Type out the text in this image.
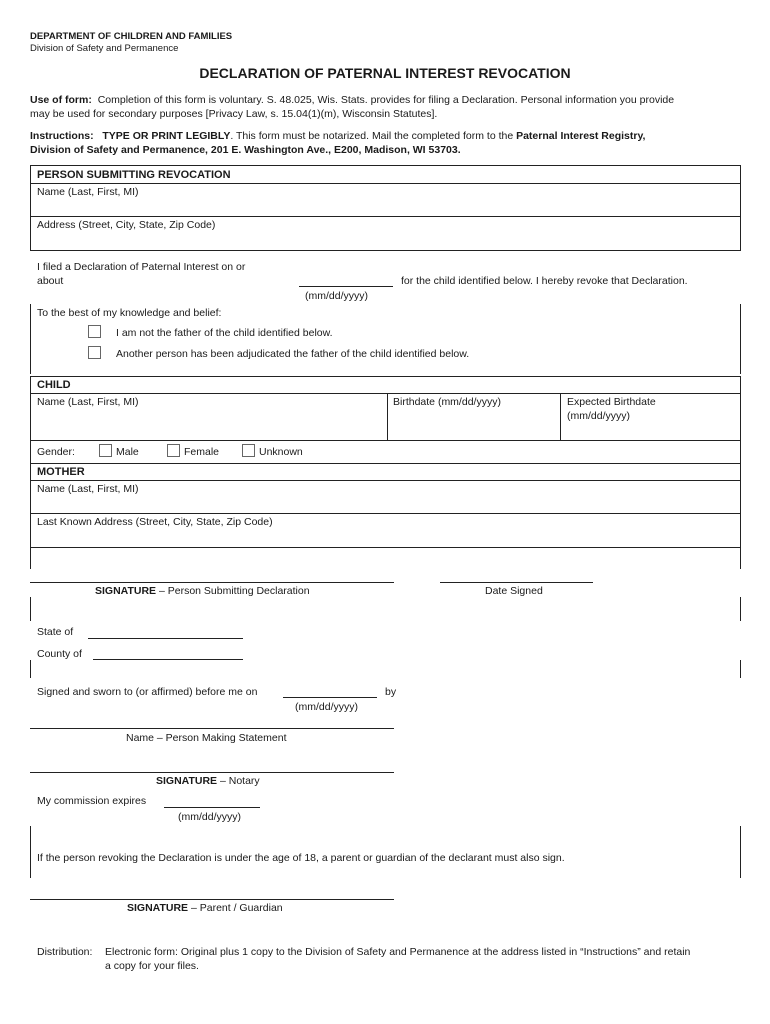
DEPARTMENT OF CHILDREN AND FAMILIES
Division of Safety and Permanence
DECLARATION OF PATERNAL INTEREST REVOCATION
Use of form: Completion of this form is voluntary. S. 48.025, Wis. Stats. provides for filing a Declaration. Personal information you provide
may be used for secondary purposes [Privacy Law, s. 15.04(1)(m), Wisconsin Statutes].
Instructions: TYPE OR PRINT LEGIBLY. This form must be notarized. Mail the completed form to the Paternal Interest Registry,
Division of Safety and Permanence, 201 E. Washington Ave., E200, Madison, WI 53703.
PERSON SUBMITTING REVOCATION
Name (Last, First, MI)
Address (Street, City, State, Zip Code)
I filed a Declaration of Paternal Interest on or
about
(mm/dd/yyyy)
for the child identified below. I hereby revoke that Declaration.
To the best of my knowledge and belief:
I am not the father of the child identified below.
Another person has been adjudicated the father of the child identified below.
CHILD
Name (Last, First, MI)	Birthdate (mm/dd/yyyy)	Expected Birthdate
(mm/dd/yyyy)
Gender:	Male	Female	Unknown
MOTHER
Name (Last, First, MI)
Last Known Address (Street, City, State, Zip Code)
SIGNATURE – Person Submitting Declaration	Date Signed
State of
County of
Signed and sworn to (or affirmed) before me on	by
(mm/dd/yyyy)
Name – Person Making Statement
SIGNATURE – Notary
My commission expires
(mm/dd/yyyy)
If the person revoking the Declaration is under the age of 18, a parent or guardian of the declarant must also sign.
SIGNATURE – Parent / Guardian
Distribution: Electronic form: Original plus 1 copy to the Division of Safety and Permanence at the address listed in “Instructions” and retain
a copy for your files.
